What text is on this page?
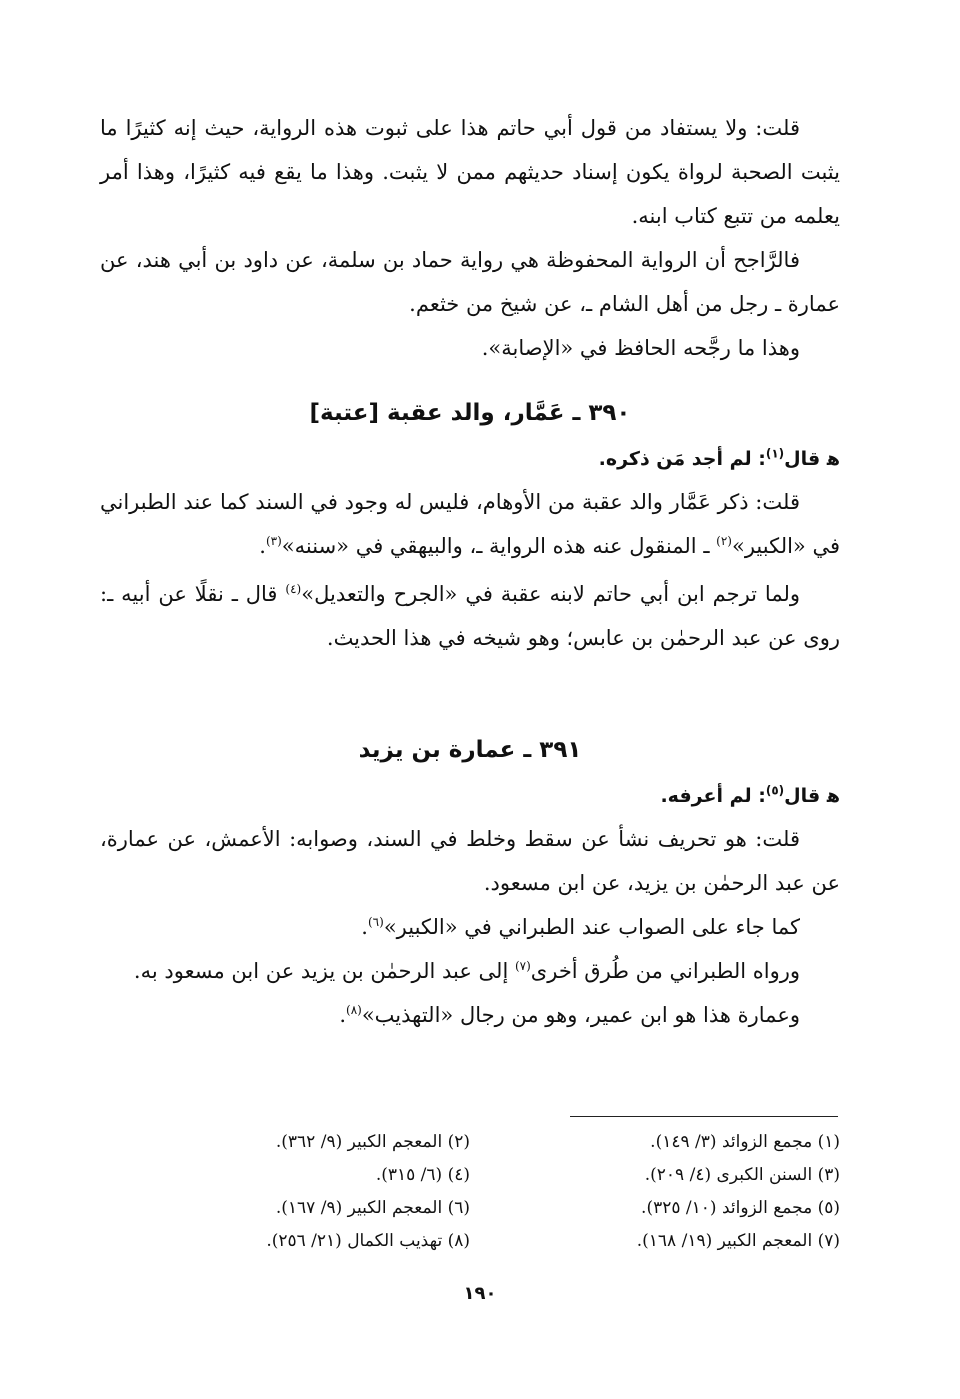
قلت: ولا يستفاد من قول أبي حاتم هذا على ثبوت هذه الرواية، حيث إنه كثيرًا ما يثبت الصحبة لرواة يكون إسناد حديثهم ممن لا يثبت. وهذا ما يقع فيه كثيرًا، وهذا أمر يعلمه من تتبع كتاب ابنه.

فالرَّاجح أن الرواية المحفوظة هي رواية حماد بن سلمة، عن داود بن أبي هند، عن عمارة ـ رجل من أهل الشام ـ، عن شيخ من خثعم.

وهذا ما رجَّحه الحافظ في «الإصابة».

٣٩٠ ـ عَمَّار، والد عقبة [عتبة]
ﻫ قال$^{(١)}$: لم أجد مَن ذكره.

قلت: ذكر عَمَّار والد عقبة من الأوهام، فليس له وجود في السند كما عند الطبراني في «الكبير»$^{(٢)}$ ـ المنقول عنه هذه الرواية ـ، والبيهقي في «سننه»$^{(٣)}$.

ولما ترجم ابن أبي حاتم لابنه عقبة في «الجرح والتعديل»$^{(٤)}$ قال ـ نقلًا عن أبيه ـ: روى عن عبد الرحمٰن بن عابس؛ وهو شيخه في هذا الحديث.

٣٩١ ـ عمارة بن يزيد
ﻫ قال$^{(٥)}$: لم أعرفه.

قلت: هو تحريف نشأ عن سقط وخلط في السند، وصوابه: الأعمش، عن عمارة، عن عبد الرحمٰن بن يزيد، عن ابن مسعود.

كما جاء على الصواب عند الطبراني في «الكبير»$^{(٦)}$.

ورواه الطبراني من طُرق أخرى$^{(٧)}$ إلى عبد الرحمٰن بن يزيد عن ابن مسعود به.

وعمارة هذا هو ابن عمير، وهو من رجال «التهذيب»$^{(٨)}$.

(١) مجمع الزوائد (٣/ ١٤٩).
(٢) المعجم الكبير (٩/ ٣٦٢).
(٣) السنن الكبرى (٤/ ٢٠٩).
(٤) (٦/ ٣١٥).
(٥) مجمع الزوائد (١٠/ ٣٢٥).
(٦) المعجم الكبير (٩/ ١٦٧).
(٧) المعجم الكبير (١٩/ ١٦٨).
(٨) تهذيب الكمال (٢١/ ٢٥٦).
١٩٠
